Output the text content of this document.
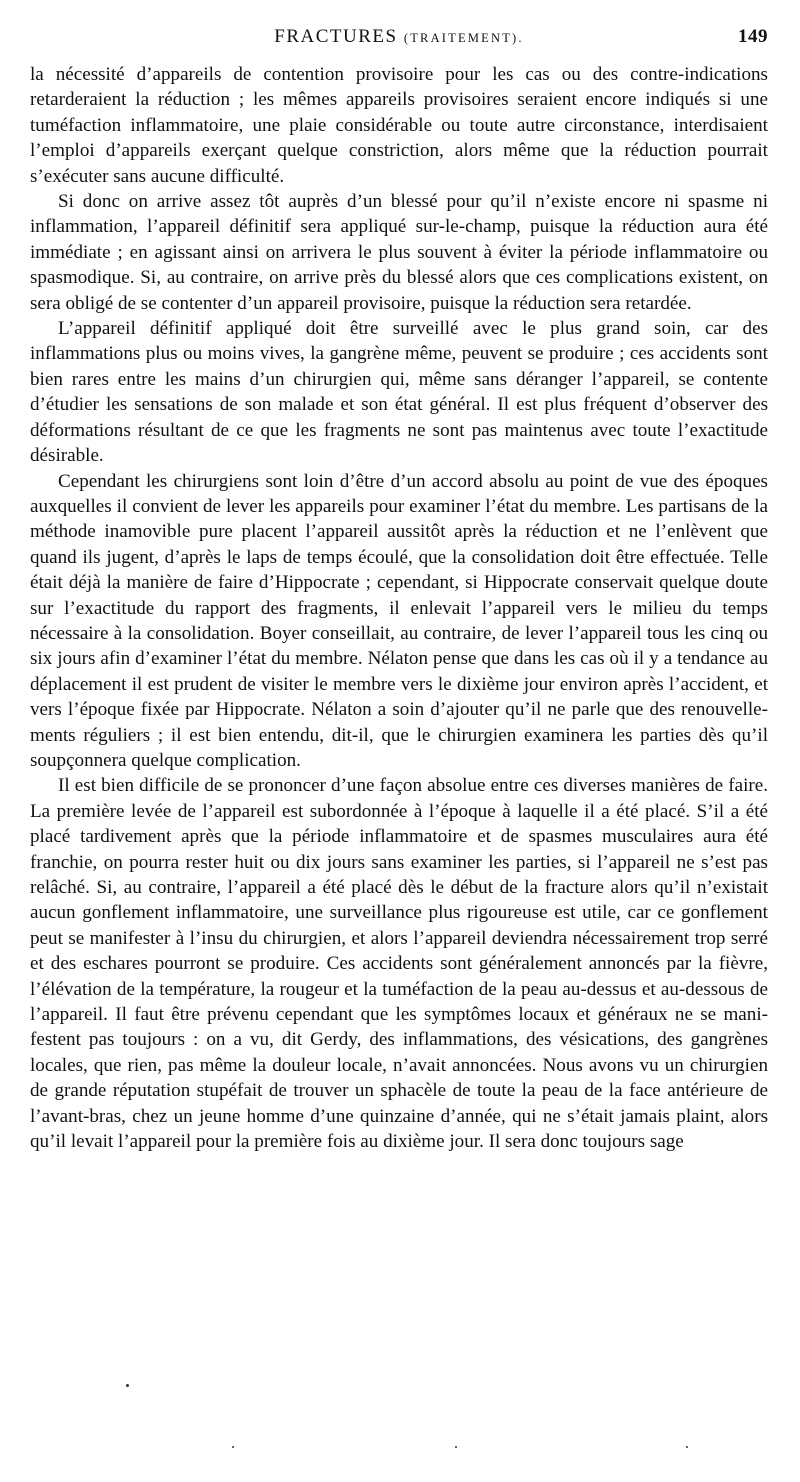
FRACTURES (TRAITEMENT).	149

la nécessité d’appareils de contention provisoire pour les cas ou des contre-indications retarderaient la réduction ; les mêmes appareils provisoires seraient encore indiqués si une tuméfaction inflammatoire, une plaie considérable ou toute autre circonstance, interdisaient l’emploi d’appareils exerçant quelque constriction, alors même que la réduction pourrait s’exécuter sans aucune difficulté.

Si donc on arrive assez tôt auprès d’un blessé pour qu’il n’existe encore ni spasme ni inflammation, l’appareil définitif sera appliqué sur-le-champ, puisque la réduction aura été immédiate ; en agissant ainsi on arrivera le plus souvent à éviter la période inflammatoire ou spasmodique. Si, au contraire, on arrive près du blessé alors que ces complications existent, on sera obligé de se contenter d’un appareil provisoire, puisque la réduction sera retardée.

L’appareil définitif appliqué doit être surveillé avec le plus grand soin, car des inflammations plus ou moins vives, la gangrène même, peuvent se produire ; ces accidents sont bien rares entre les mains d’un chirurgien qui, même sans déranger l’appareil, se contente d’étudier les sensations de son malade et son état général. Il est plus fréquent d’observer des déformations résultant de ce que les fragments ne sont pas maintenus avec toute l’exactitude désirable.

Cependant les chirurgiens sont loin d’être d’un accord absolu au point de vue des époques auxquelles il convient de lever les appareils pour examiner l’état du membre. Les partisans de la méthode inamovible pure placent l’appareil aussitôt après la réduction et ne l’enlèvent que quand ils jugent, d’après le laps de temps écoulé, que la consolidation doit être effectuée. Telle était déjà la manière de faire d’Hippocrate ; cependant, si Hippocrate conservait quelque doute sur l’exactitude du rapport des fragments, il enlevait l’appareil vers le milieu du temps nécessaire à la consolidation. Boyer conseillait, au contraire, de lever l’appareil tous les cinq ou six jours afin d’examiner l’état du membre. Nélaton pense que dans les cas où il y a tendance au déplacement il est prudent de visiter le membre vers le dixième jour environ après l’accident, et vers l’époque fixée par Hippocrate. Nélaton a soin d’ajouter qu’il ne parle que des renouvellements réguliers ; il est bien entendu, dit-il, que le chirurgien examinera les parties dès qu’il soupçonnera quelque complication.

Il est bien difficile de se prononcer d’une façon absolue entre ces diverses manières de faire. La première levée de l’appareil est subordonnée à l’époque à laquelle il a été placé. S’il a été placé tardivement après que la période inflammatoire et de spasmes musculaires aura été franchie, on pourra rester huit ou dix jours sans examiner les parties, si l’appareil ne s’est pas relâché. Si, au contraire, l’appareil a été placé dès le début de la fracture alors qu’il n’existait aucun gonflement inflammatoire, une surveillance plus rigoureuse est utile, car ce gonflement peut se manifester à l’insu du chirurgien, et alors l’appareil deviendra nécessairement trop serré et des eschares pourront se produire. Ces accidents sont généralement annoncés par la fièvre, l’élévation de la température, la rougeur et la tuméfaction de la peau au-dessus et au-dessous de l’appareil. Il faut être prévenu cependant que les symptômes locaux et généraux ne se manifestent pas toujours : on a vu, dit Gerdy, des inflammations, des vésications, des gangrènes locales, que rien, pas même la douleur locale, n’avait annoncées. Nous avons vu un chirurgien de grande réputation stupéfait de trouver un sphacèle de toute la peau de la face antérieure de l’avant-bras, chez un jeune homme d’une quinzaine d’année, qui ne s’était jamais plaint, alors qu’il levait l’appareil pour la première fois au dixième jour. Il sera donc toujours sage
